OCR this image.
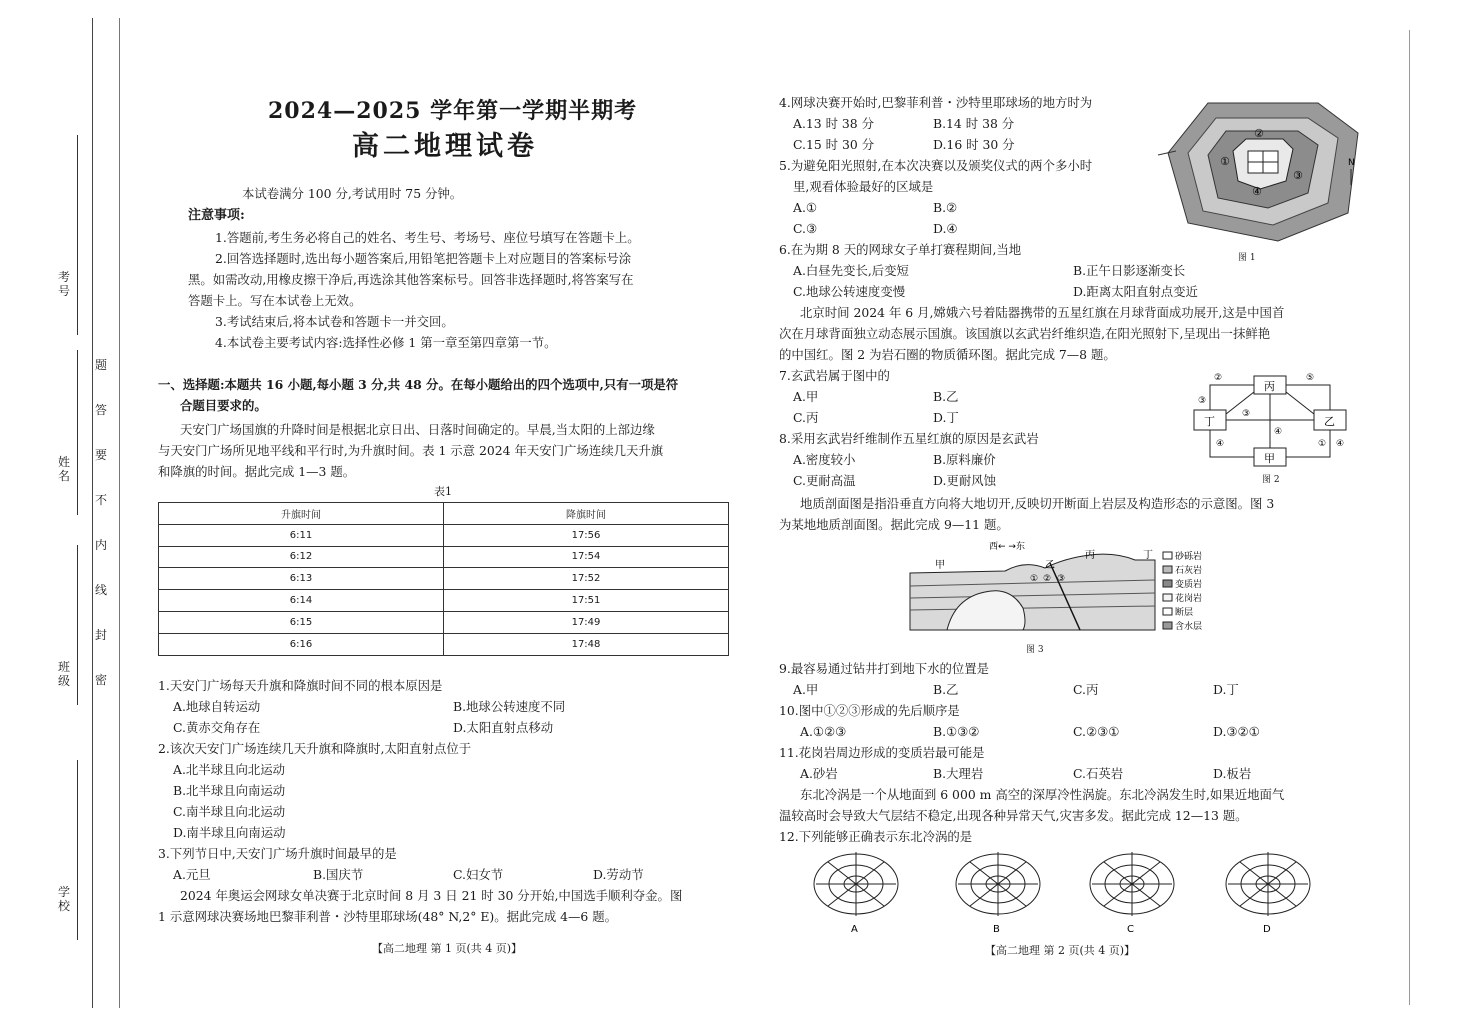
考号
姓名
班级
学校
题
答
要
不
内
线
封
密
2024—2025 学年第一学期半期考
高二地理试卷
本试卷满分 100 分,考试用时 75 分钟。
注意事项:
1.答题前,考生务必将自己的姓名、考生号、考场号、座位号填写在答题卡上。
2.回答选择题时,选出每小题答案后,用铅笔把答题卡上对应题目的答案标号涂
黑。如需改动,用橡皮擦干净后,再选涂其他答案标号。回答非选择题时,将答案写在
答题卡上。写在本试卷上无效。
3.考试结束后,将本试卷和答题卡一并交回。
4.本试卷主要考试内容:选择性必修 1 第一章至第四章第一节。
一、选择题:本题共 16 小题,每小题 3 分,共 48 分。在每小题给出的四个选项中,只有一项是符
合题目要求的。
天安门广场国旗的升降时间是根据北京日出、日落时间确定的。早晨,当太阳的上部边缘
与天安门广场所见地平线和平行时,为升旗时间。表 1 示意 2024 年天安门广场连续几天升旗
和降旗的时间。据此完成 1—3 题。
表1
升旗时间	降旗时间
6:11	17:56
6:12	17:54
6:13	17:52
6:14	17:51
6:15	17:49
6:16	17:48
1.天安门广场每天升旗和降旗时间不同的根本原因是
A.地球自转运动	B.地球公转速度不同
C.黄赤交角存在	D.太阳直射点移动
2.该次天安门广场连续几天升旗和降旗时,太阳直射点位于
A.北半球且向北运动
B.北半球且向南运动
C.南半球且向北运动
D.南半球且向南运动
3.下列节日中,天安门广场升旗时间最早的是
A.元旦	B.国庆节	C.妇女节	D.劳动节
2024 年奥运会网球女单决赛于北京时间 8 月 3 日 21 时 30 分开始,中国选手顺利夺金。图
1 示意网球决赛场地巴黎菲利普・沙特里耶球场(48° N,2° E)。据此完成 4—6 题。
【高二地理 第 1 页(共 4 页)】
4.网球决赛开始时,巴黎菲利普・沙特里耶球场的地方时为
A.13 时 38 分	B.14 时 38 分
C.15 时 30 分	D.16 时 30 分
5.为避免阳光照射,在本次决赛以及颁奖仪式的两个多小时
里,观看体验最好的区域是
A.①	B.②
C.③	D.④
①
②
③
④
N
图 1
6.在为期 8 天的网球女子单打赛程期间,当地
A.白昼先变长,后变短	B.正午日影逐渐变长
C.地球公转速度变慢	D.距离太阳直射点变近
北京时间 2024 年 6 月,嫦娥六号着陆器携带的五星红旗在月球背面成功展开,这是中国首
次在月球背面独立动态展示国旗。该国旗以玄武岩纤维织造,在阳光照射下,呈现出一抹鲜艳
的中国红。图 2 为岩石圈的物质循环图。据此完成 7—8 题。
7.玄武岩属于图中的
A.甲	B.乙
C.丙	D.丁
8.采用玄武岩纤维制作五星红旗的原因是玄武岩
A.密度较小	B.原料廉价
C.更耐高温	D.更耐风蚀
丙
丁	乙
甲
②
③
③
⑤
④	①
④
④
图 2
地质剖面图是指沿垂直方向将大地切开,反映切开断面上岩层及构造形态的示意图。图 3
为某地地质剖面图。据此完成 9—11 题。
西← →东
甲	乙
丙	丁
① ② ③
砂砾岩
石灰岩
变质岩
花岗岩
断层
含水层
图 3
9.最容易通过钻井打到地下水的位置是
A.甲	B.乙	C.丙	D.丁
10.图中①②③形成的先后顺序是
A.①②③	B.①③②	C.②③①	D.③②①
11.花岗岩周边形成的变质岩最可能是
A.砂岩	B.大理岩	C.石英岩	D.板岩
东北冷涡是一个从地面到 6 000 m 高空的深厚冷性涡旋。东北冷涡发生时,如果近地面气
温较高时会导致大气层结不稳定,出现各种异常天气,灾害多发。据此完成 12—13 题。
12.下列能够正确表示东北冷涡的是
A	B	C	D
【高二地理 第 2 页(共 4 页)】
